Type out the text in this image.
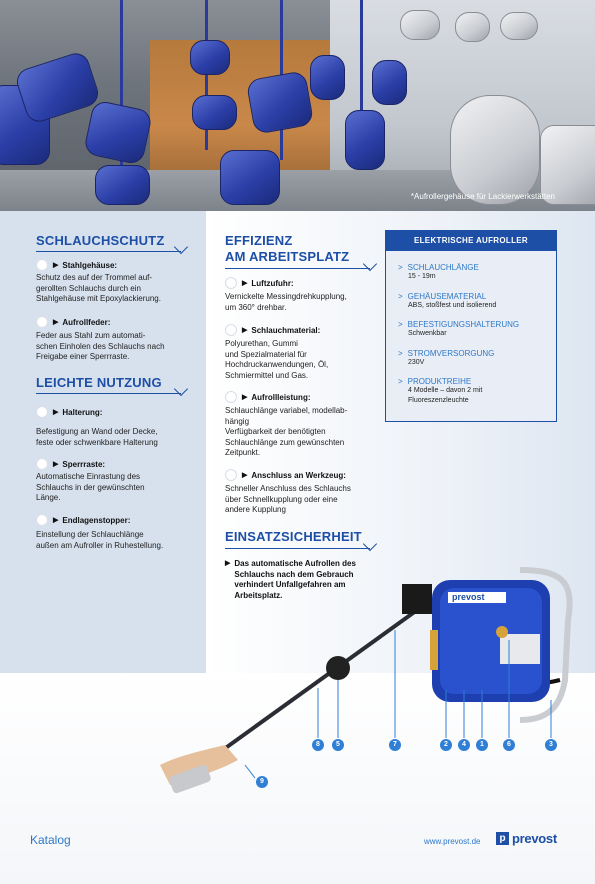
*Aufrollergehäuse für Lackierwerkstätten
SCHLAUCHSCHUTZ
1	▶ Stahlgehäuse:
Schutz des auf der Trommel auf-
gerollten Schlauchs durch ein
Stahlgehäuse mit Epoxylackierung.
2	▶ Aufrollfeder:
Feder aus Stahl zum automati-
schen Einholen des Schlauchs nach
Freigabe einer Sperrraste.
LEICHTE NUTZUNG
3	▶ Halterung:
Befestigung an Wand oder Decke,
feste oder schwenkbare Halterung
4	▶ Sperrraste:
Automatische Einrastung des
Schlauchs in der gewünschten
Länge.
5	▶ Endlagenstopper:
Einstellung der Schlauchlänge
außen am Aufroller in Ruhestellung.
EFFIZIENZ
AM ARBEITSPLATZ
6	▶ Luftzufuhr:
Vernickelte Messingdrehkupplung,
um 360° drehbar.
7	▶ Schlauchmaterial:
Polyurethan, Gummi
und Spezialmaterial für
Hochdruckanwendungen, Öl,
Schmiermittel und Gas.
8	▶ Aufrollleistung:
Schlauchlänge variabel, modellab-
hängig
Verfügbarkeit der benötigten
Schlauchlänge zum gewünschten
Zeitpunkt.
9	▶ Anschluss an Werkzeug:
Schneller Anschluss des Schlauchs
über Schnellkupplung oder eine
andere Kupplung
EINSATZSICHERHEIT
▶ Das automatische Aufrollen des
Schlauchs nach dem Gebrauch
verhindert Unfallgefahren am
Arbeitsplatz.
ELEKTRISCHE AUFROLLER
> SCHLAUCHLÄNGE
15 - 19m
> GEHÄUSEMATERIAL
ABS, stoßfest und isolierend
> BEFESTIGUNGSHALTERUNG
Schwenkbar
> STROMVERSORGUNG
230V
> PRODUKTREIHE
4 Modelle – davon 2 mit
Fluoreszenzleuchte
prevost
8	5	7	2	4	1	6	3
9
Katalog	www.prevost.de	p prevost
